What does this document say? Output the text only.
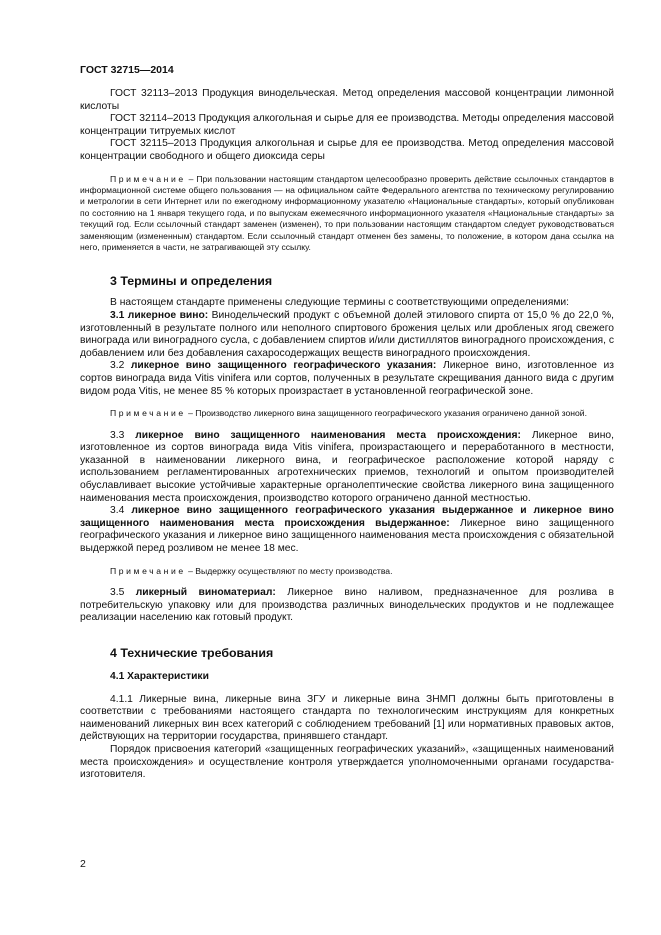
ГОСТ 32715—2014

ГОСТ 32113–2013 Продукция винодельческая. Метод определения массовой концентрации лимонной кислоты

ГОСТ 32114–2013 Продукция алкогольная и сырье для ее производства. Методы определения массовой концентрации титруемых кислот

ГОСТ 32115–2013 Продукция алкогольная и сырье для ее производства. Метод определения массовой концентрации свободного и общего диоксида серы

Примечание – При пользовании настоящим стандартом целесообразно проверить действие ссылочных стандартов в информационной системе общего пользования — на официальном сайте Федерального агентства по техническому регулированию и метрологии в сети Интернет или по ежегодному информационному указателю «Национальные стандарты», который опубликован по состоянию на 1 января текущего года, и по выпускам ежемесячного информационного указателя «Национальные стандарты» за текущий год. Если ссылочный стандарт заменен (изменен), то при пользовании настоящим стандартом следует руководствоваться заменяющим (измененным) стандартом. Если ссылочный стандарт отменен без замены, то положение, в котором дана ссылка на него, применяется в части, не затрагивающей эту ссылку.

3 Термины и определения

В настоящем стандарте применены следующие термины с соответствующими определениями:

3.1 ликерное вино: Винодельческий продукт с объемной долей этилового спирта от 15,0 % до 22,0 %, изготовленный в результате полного или неполного спиртового брожения целых или дробленых ягод свежего винограда или виноградного сусла, с добавлением спиртов и/или дистиллятов виноградного происхождения, с добавлением или без добавления сахаросодержащих веществ виноградного происхождения.

3.2 ликерное вино защищенного географического указания: Ликерное вино, изготовленное из сортов винограда вида Vitis vinifera или сортов, полученных в результате скрещивания данного вида с другим видом рода Vitis, не менее 85 % которых произрастает в установленной географической зоне.

Примечание – Производство ликерного вина защищенного географического указания ограничено данной зоной.

3.3 ликерное вино защищенного наименования места происхождения: Ликерное вино, изготовленное из сортов винограда вида Vitis vinifera, произрастающего и переработанного в местности, указанной в наименовании ликерного вина, и географическое расположение которой наряду с использованием регламентированных агротехнических приемов, технологий и опытом производителей обуславливает высокие устойчивые характерные органолептические свойства ликерного вина защищенного наименования места происхождения, производство которого ограничено данной местностью.

3.4 ликерное вино защищенного географического указания выдержанное и ликерное вино защищенного наименования места происхождения выдержанное: Ликерное вино защищенного географического указания и ликерное вино защищенного наименования места происхождения с обязательной выдержкой перед розливом не менее 18 мес.

Примечание – Выдержку осуществляют по месту производства.

3.5 ликерный виноматериал: Ликерное вино наливом, предназначенное для розлива в потребительскую упаковку или для производства различных винодельческих продуктов и не подлежащее реализации населению как готовый продукт.

4 Технические требования
4.1 Характеристики

4.1.1 Ликерные вина, ликерные вина ЗГУ и ликерные вина ЗНМП должны быть приготовлены в соответствии с требованиями настоящего стандарта по технологическим инструкциям для конкретных наименований ликерных вин всех категорий с соблюдением требований [1] или нормативных правовых актов, действующих на территории государства, принявшего стандарт.

Порядок присвоения категорий «защищенных географических указаний», «защищенных наименований места происхождения» и осуществление контроля утверждается уполномоченными органами государства-изготовителя.

2
